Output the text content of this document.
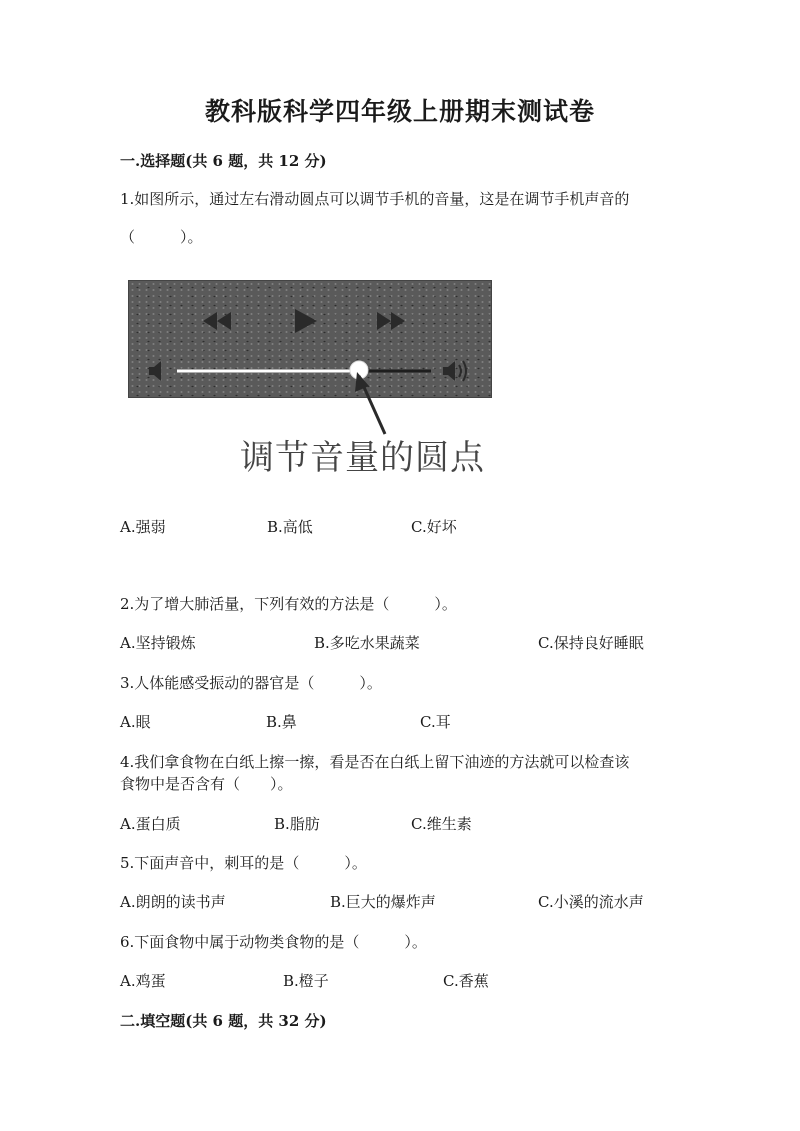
教科版科学四年级上册期末测试卷
一.选择题(共 6 题，共 12 分)
1.如图所示，通过左右滑动圆点可以调节手机的音量，这是在调节手机声音的
（　　　）。
调节音量的圆点
A.强弱	B.高低	C.好坏
2.为了增大肺活量，下列有效的方法是（　　　）。
A.坚持锻炼	B.多吃水果蔬菜	C.保持良好睡眠
3.人体能感受振动的器官是（　　　）。
A.眼	B.鼻	C.耳
4.我们拿食物在白纸上擦一擦，看是否在白纸上留下油迹的方法就可以检查该
食物中是否含有（　　）。
A.蛋白质	B.脂肪	C.维生素
5.下面声音中，刺耳的是（　　　）。
A.朗朗的读书声	B.巨大的爆炸声	C.小溪的流水声
6.下面食物中属于动物类食物的是（　　　）。
A.鸡蛋	B.橙子	C.香蕉
二.填空题(共 6 题，共 32 分)
